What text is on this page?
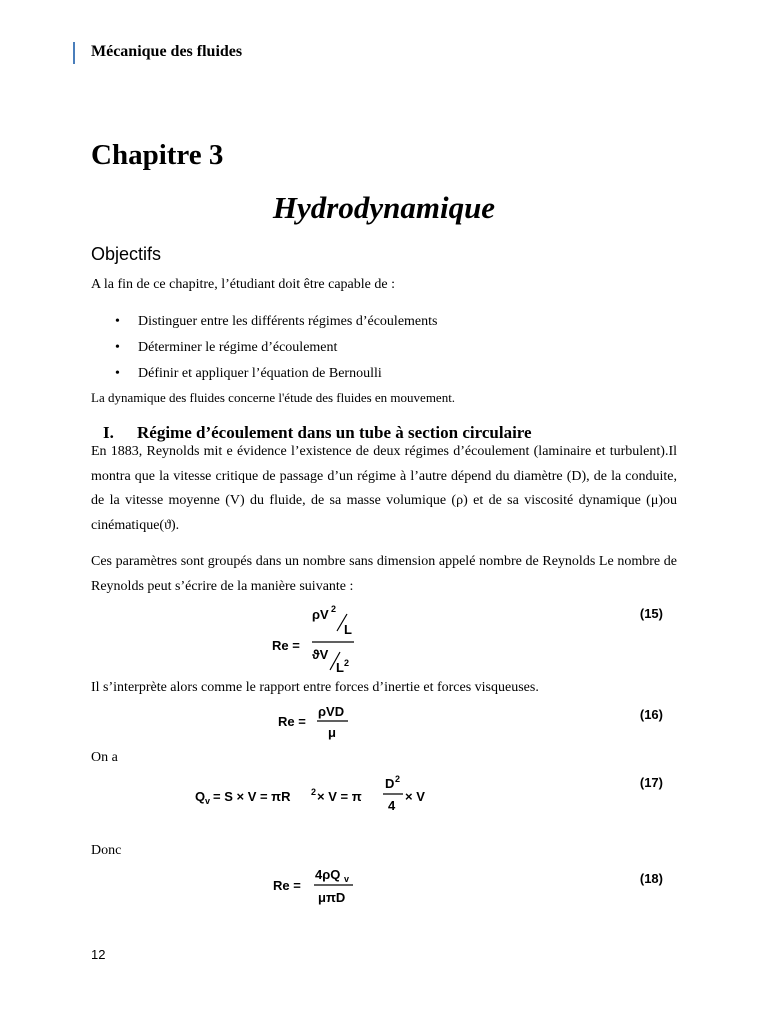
Mécanique des fluides
Chapitre 3
Hydrodynamique
Objectifs
A la fin de ce chapitre, l’étudiant doit être capable de :
• Distinguer entre les différents régimes d’écoulements
• Déterminer le régime d’écoulement
• Définir et appliquer l’équation de Bernoulli
La dynamique des fluides concerne l'étude des fluides en mouvement.
I. Régime d’écoulement dans un tube à section circulaire
En 1883, Reynolds mit e évidence l’existence de deux régimes d’écoulement (laminaire et turbulent).Il montra que la vitesse critique de passage d’un régime à l’autre dépend du diamètre (D), de la conduite, de la vitesse moyenne (V) du fluide, de sa masse volumique (ρ) et de sa viscosité dynamique (μ)ou cinématique(ϑ).
Ces paramètres sont groupés dans un nombre sans dimension appelé nombre de Reynolds Le nombre de Reynolds peut s’écrire de la manière suivante :
Re =
ρV 2
L
ϑV
L 2
(15)
Il s’interprète alors comme le rapport entre forces d’inertie et forces visqueuses.
Re =
ρVD
μ
(16)
On a
Q v = S × V = πR 2 × V = π
D 2
4
× V
(17)
Donc
Re =
4ρQ v
μπD
(18)
12
